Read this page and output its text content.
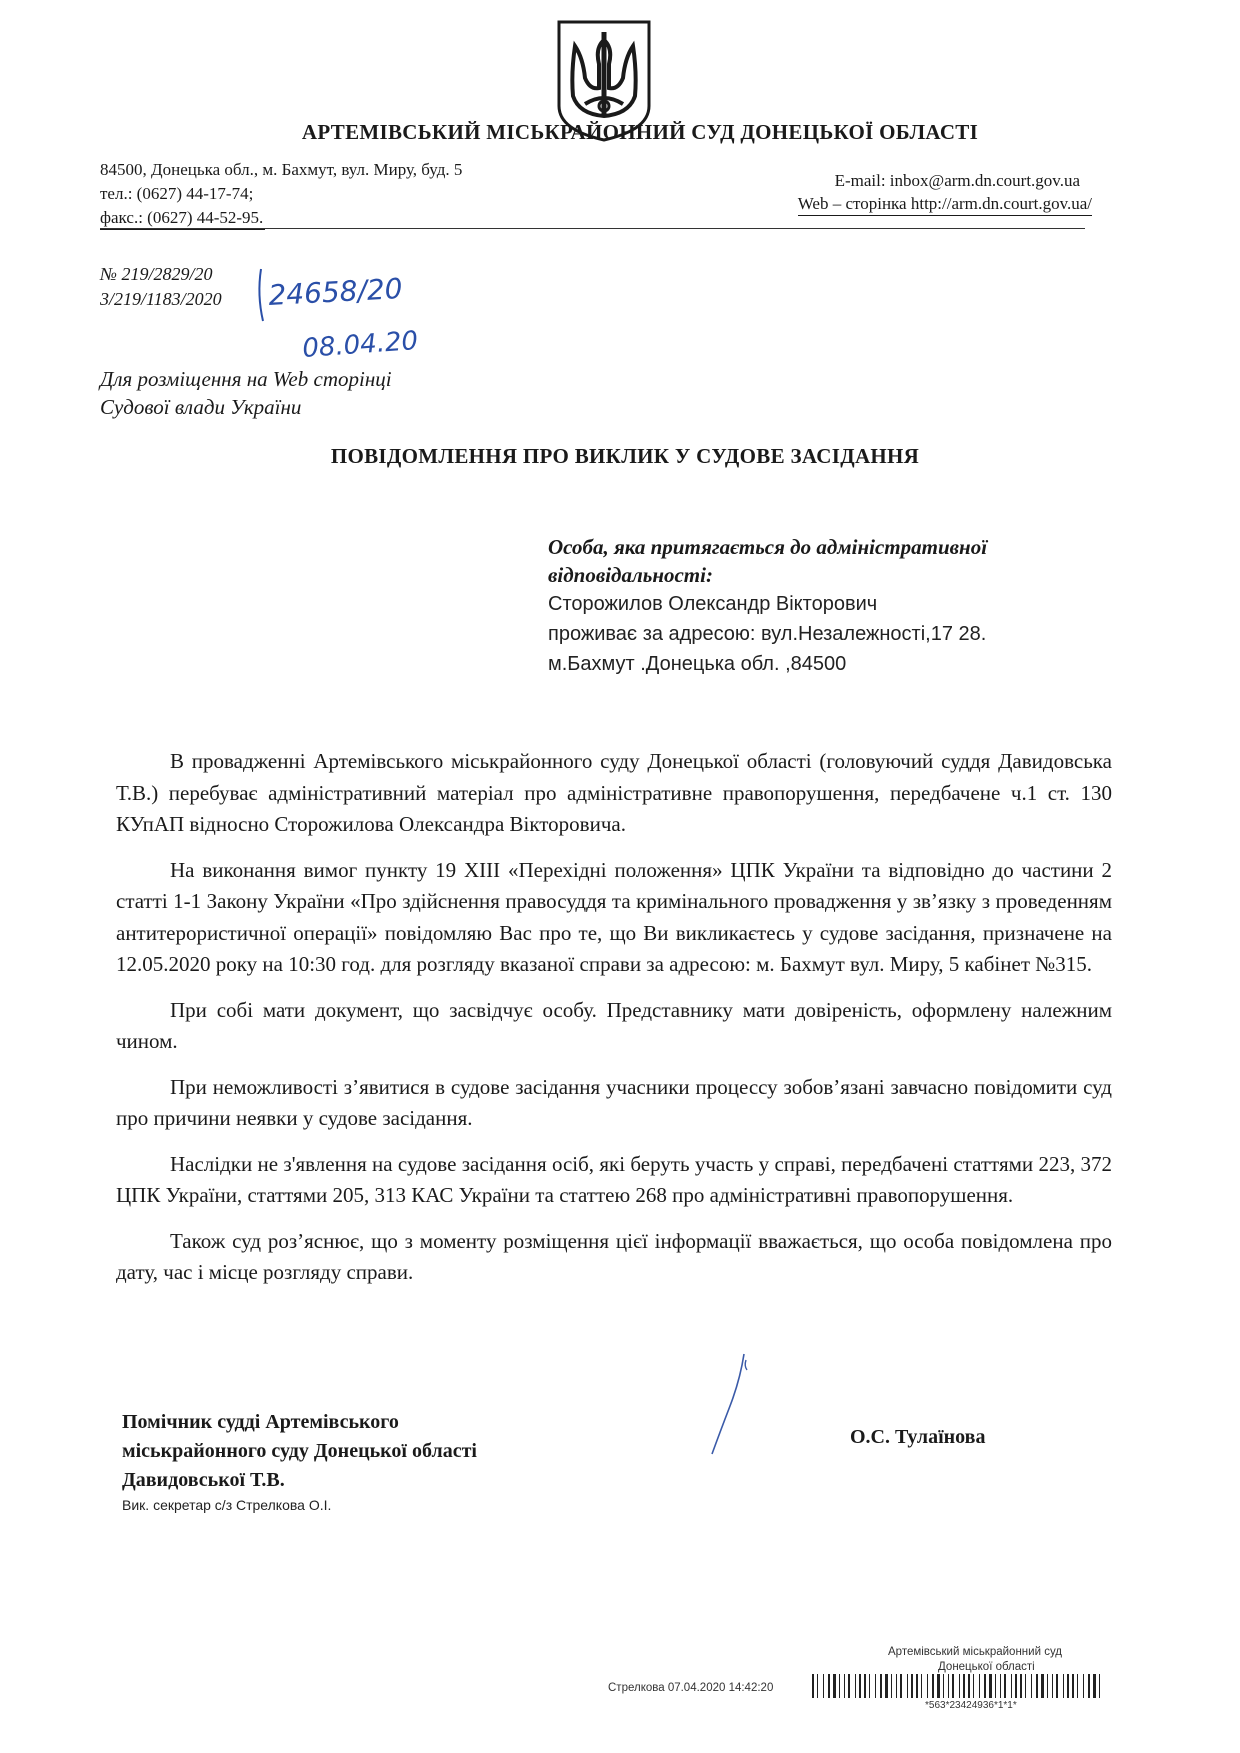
АРТЕМІВСЬКИЙ МІСЬКРАЙОННИЙ СУД ДОНЕЦЬКОЇ ОБЛАСТІ
84500, Донецька обл., м. Бахмут, вул. Миру, буд. 5
тел.: (0627) 44-17-74;
факс.: (0627) 44-52-95.
E-mail: inbox@arm.dn.court.gov.ua
Web – сторінка http://arm.dn.court.gov.ua/
№ 219/2829/20
3/219/1183/2020 24658/20
08.04.20
Для розміщення на Web сторінці
Судової влади України
ПОВІДОМЛЕННЯ ПРО ВИКЛИК У СУДОВЕ ЗАСІДАННЯ
Особа, яка притягається до адміністративної
відповідальності:
Сторожилов Олександр Вікторович
проживає за адресою: вул.Незалежності,17 28.
м.Бахмут .Донецька обл. ,84500

В провадженні Артемівського міськрайонного суду Донецької області (головуючий суддя Давидовська Т.В.) перебуває адміністративний матеріал про адміністративне правопорушення, передбачене ч.1 ст. 130 КУпАП відносно Сторожилова Олександра Вікторовича.

На виконання вимог пункту 19 XIII «Перехідні положення» ЦПК України та відповідно до частини 2 статті 1-1 Закону України «Про здійснення правосуддя та кримінального провадження у зв’язку з проведенням антитерористичної операції» повідомляю Вас про те, що Ви викликаєтесь у судове засідання, призначене на 12.05.2020 року на 10:30 год. для розгляду вказаної справи за адресою: м. Бахмут вул. Миру, 5 кабінет №315.

При собі мати документ, що засвідчує особу. Представнику мати довіреність, оформлену належним чином.

При неможливості з’явитися в судове засідання учасники процессу зобов’язані завчасно повідомити суд про причини неявки у судове засідання.

Наслідки не з'явлення на судове засідання осіб, які беруть участь у справі, передбачені статтями 223, 372 ЦПК України, статтями 205, 313 КАС України та статтею 268 про адміністративні правопорушення.

Також суд роз’яснює, що з моменту розміщення цієї інформації вважається, що особа повідомлена про дату, час і місце розгляду справи.

Помічник судді Артемівського
міськрайонного суду Донецької області
Давидовської Т.В.
О.С. Тулаїнова
Вик. секретар с/з Стрелкова О.І.
Артемівський міськрайонний суд
Донецької області
Стрелкова 07.04.2020 14:42:20
*563*23424936*1*1*
